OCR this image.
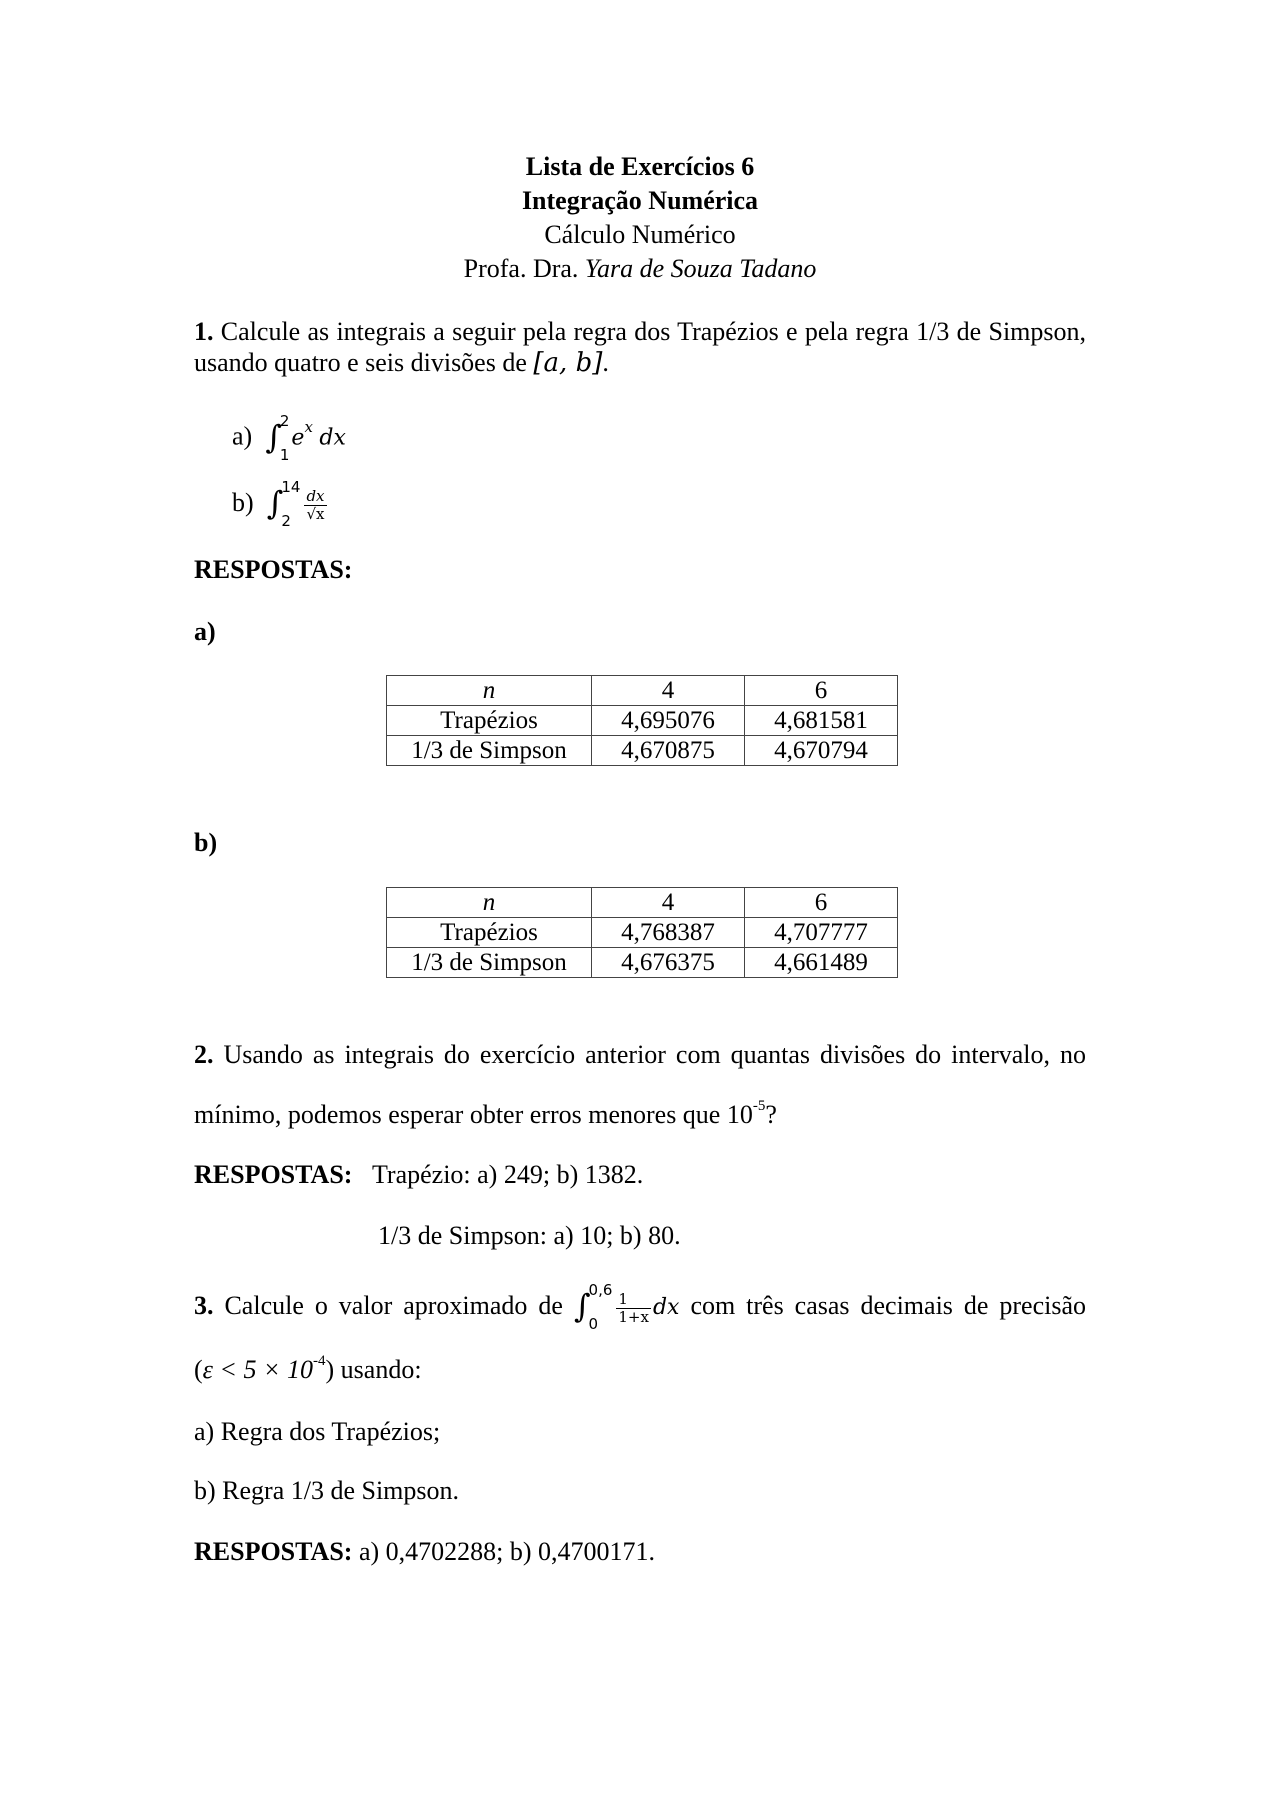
Lista de Exercícios 6
Integração Numérica
Cálculo Numérico
Profa. Dra. Yara de Souza Tadano
1. Calcule as integrais a seguir pela regra dos Trapézios e pela regra 1/3 de Simpson,
usando quatro e seis divisões de [a, b].
a) ∫
2
1
$e^x$ dx
b) ∫
14
$2 \frac{dx}{√x}$
RESPOSTAS:
a)
n	4	6
Trapézios	4,695076	4,681581
1/3 de Simpson	4,670875	4,670794
b)
n	4	6
Trapézios	4,768387	4,707777
1/3 de Simpson	4,676375	4,661489
2. Usando as integrais do exercício anterior com quantas divisões do intervalo, no
mínimo, podemos esperar obter erros menores que $10^{-5}$?
RESPOSTAS: Trapézio: a) 249; b) 1382.
1/3 de Simpson: a) 10; b) 80.
3. Calcule o valor aproximado de ∫
0,6
0	$\frac{1}{1+x}$ dx com três casas decimais de precisão
$(\varepsilon < 5 \times 10^{-4})$ usando:
a) Regra dos Trapézios;
b) Regra 1/3 de Simpson.
RESPOSTAS: a) 0,4702288; b) 0,4700171.
